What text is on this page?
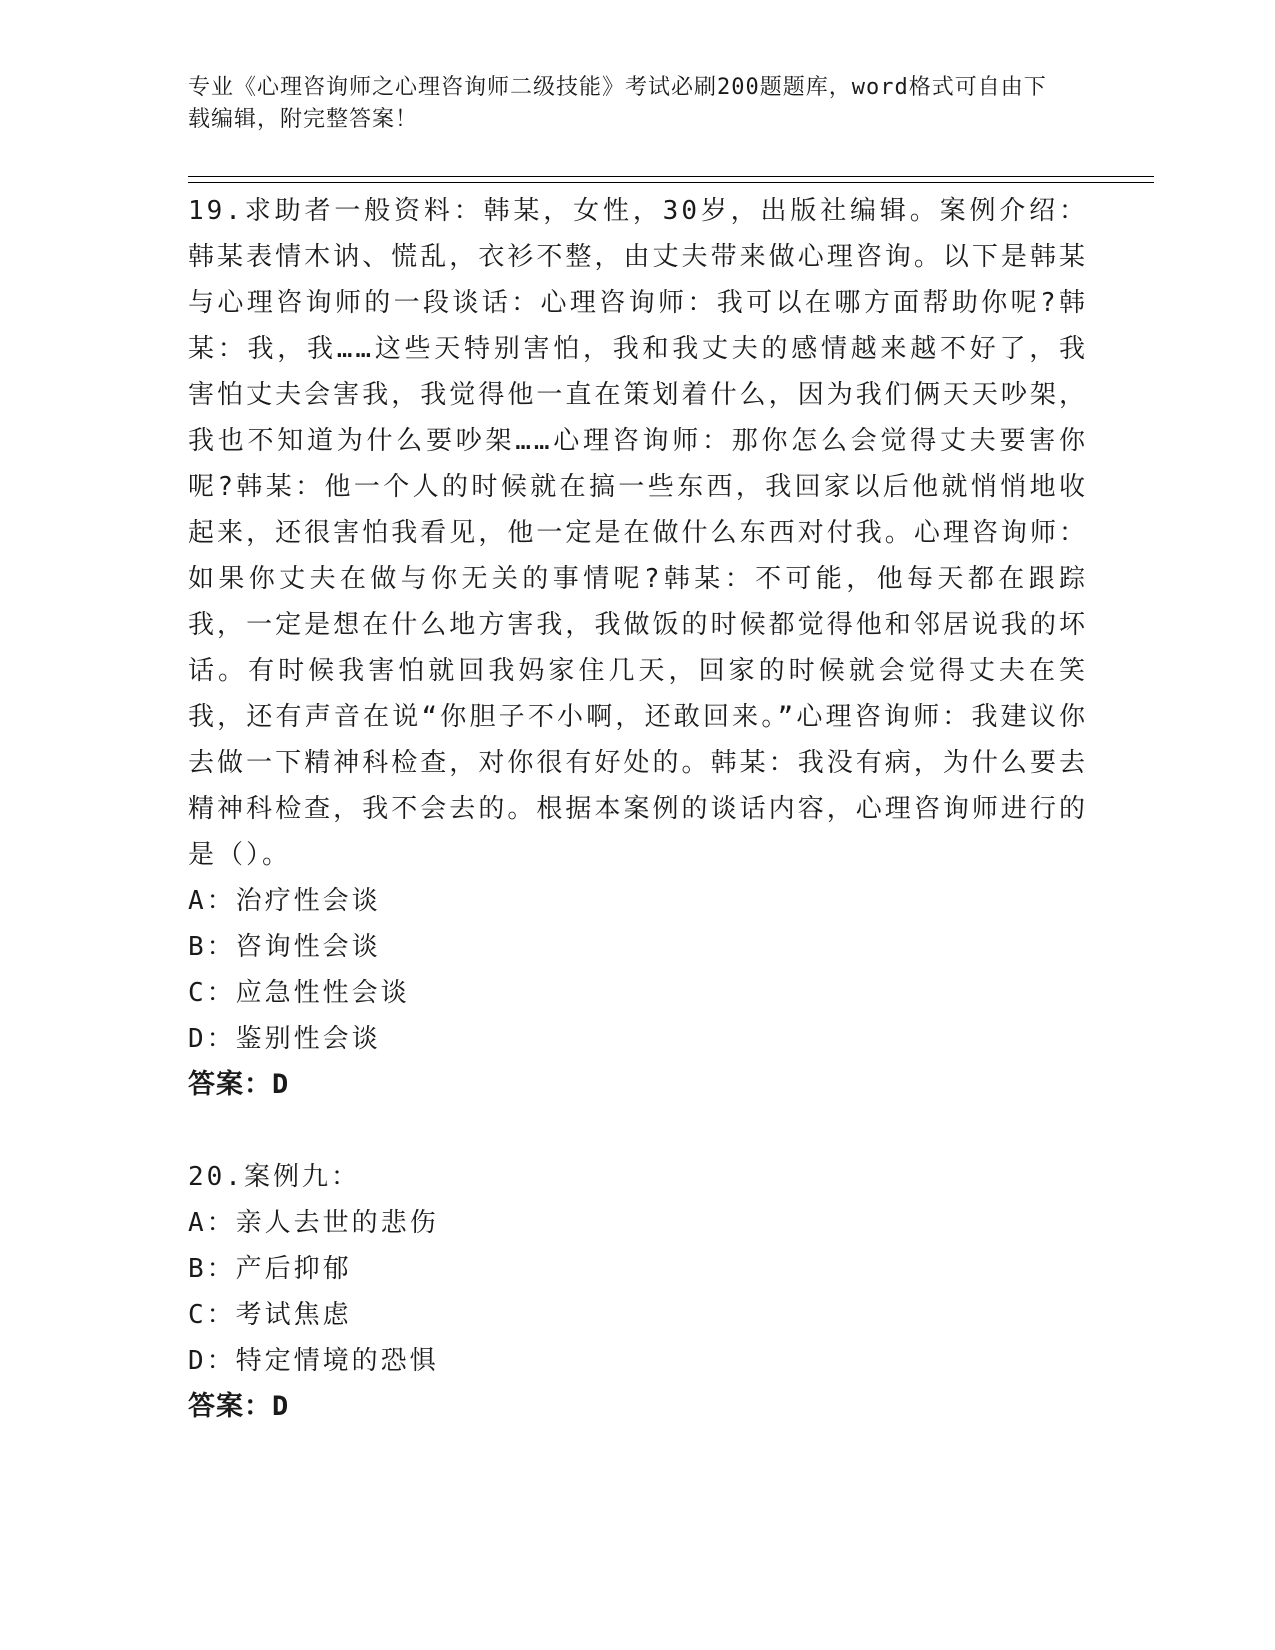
专业《心理咨询师之心理咨询师二级技能》考试必刷200题题库，word格式可自由下载编辑，附完整答案！

19.求助者一般资料：韩某，女性，30岁，出版社编辑。案例介绍：韩某表情木讷、慌乱，衣衫不整，由丈夫带来做心理咨询。以下是韩某与心理咨询师的一段谈话：心理咨询师：我可以在哪方面帮助你呢?韩某：我，我……这些天特别害怕，我和我丈夫的感情越来越不好了，我害怕丈夫会害我，我觉得他一直在策划着什么，因为我们俩天天吵架，我也不知道为什么要吵架……心理咨询师：那你怎么会觉得丈夫要害你呢?韩某：他一个人的时候就在搞一些东西，我回家以后他就悄悄地收起来，还很害怕我看见，他一定是在做什么东西对付我。心理咨询师：如果你丈夫在做与你无关的事情呢?韩某：不可能，他每天都在跟踪我，一定是想在什么地方害我，我做饭的时候都觉得他和邻居说我的坏话。有时候我害怕就回我妈家住几天，回家的时候就会觉得丈夫在笑我，还有声音在说“你胆子不小啊，还敢回来。”心理咨询师：我建议你去做一下精神科检查，对你很有好处的。韩某：我没有病，为什么要去精神科检查，我不会去的。根据本案例的谈话内容，心理咨询师进行的是（）。

A：治疗性会谈

B：咨询性会谈

C：应急性性会谈

D：鉴别性会谈

答案：D

20.案例九：

A：亲人去世的悲伤

B：产后抑郁

C：考试焦虑

D：特定情境的恐惧

答案：D
